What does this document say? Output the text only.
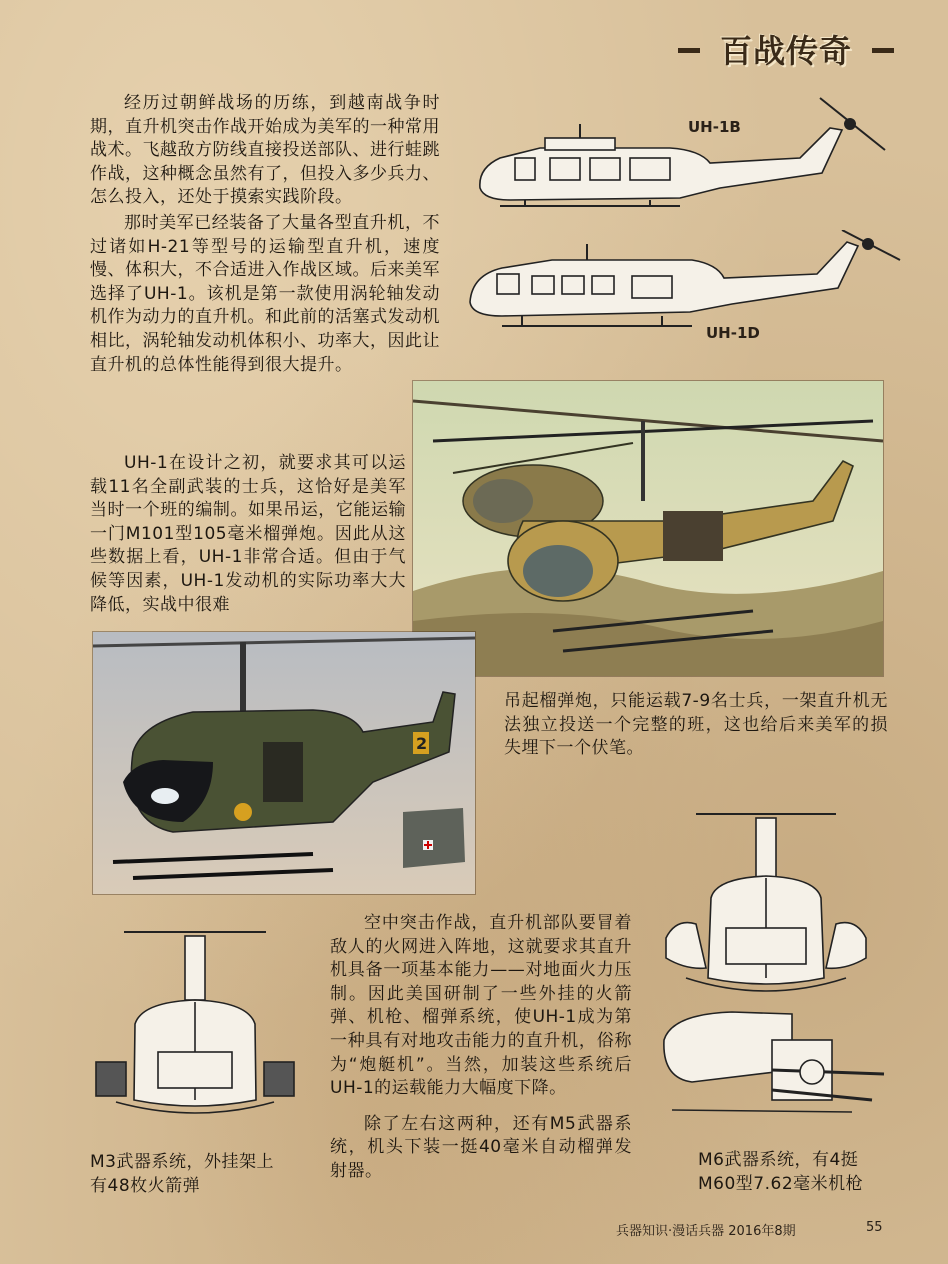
百战传奇

经历过朝鲜战场的历练，到越南战争时期，直升机突击作战开始成为美军的一种常用战术。飞越敌方防线直接投送部队、进行蛙跳作战，这种概念虽然有了，但投入多少兵力、怎么投入，还处于摸索实践阶段。

那时美军已经装备了大量各型直升机，不过诸如H-21等型号的运输型直升机，速度慢、体积大，不合适进入作战区域。后来美军选择了UH-1。该机是第一款使用涡轮轴发动机作为动力的直升机。和此前的活塞式发动机相比，涡轮轴发动机体积小、功率大，因此让直升机的总体性能得到很大提升。

UH-1B
UH-1D

UH-1在设计之初，就要求其可以运载11名全副武装的士兵，这恰好是美军当时一个班的编制。如果吊运，它能运输一门M101型105毫米榴弹炮。因此从这些数据上看，UH-1非常合适。但由于气候等因素，UH-1发动机的实际功率大大降低，实战中很难

2

吊起榴弹炮，只能运载7-9名士兵，一架直升机无法独立投送一个完整的班，这也给后来美军的损失埋下一个伏笔。

空中突击作战，直升机部队要冒着敌人的火网进入阵地，这就要求其直升机具备一项基本能力——对地面火力压制。因此美国研制了一些外挂的火箭弹、机枪、榴弹系统，使UH-1成为第一种具有对地攻击能力的直升机，俗称为“炮艇机”。当然，加装这些系统后UH-1的运载能力大幅度下降。

除了左右这两种，还有M5武器系统，机头下装一挺40毫米自动榴弹发射器。

M3武器系统，外挂架上有48枚火箭弹

M6武器系统，有4挺M60型7.62毫米机枪

兵器知识·漫话兵器 2016年8期	55
